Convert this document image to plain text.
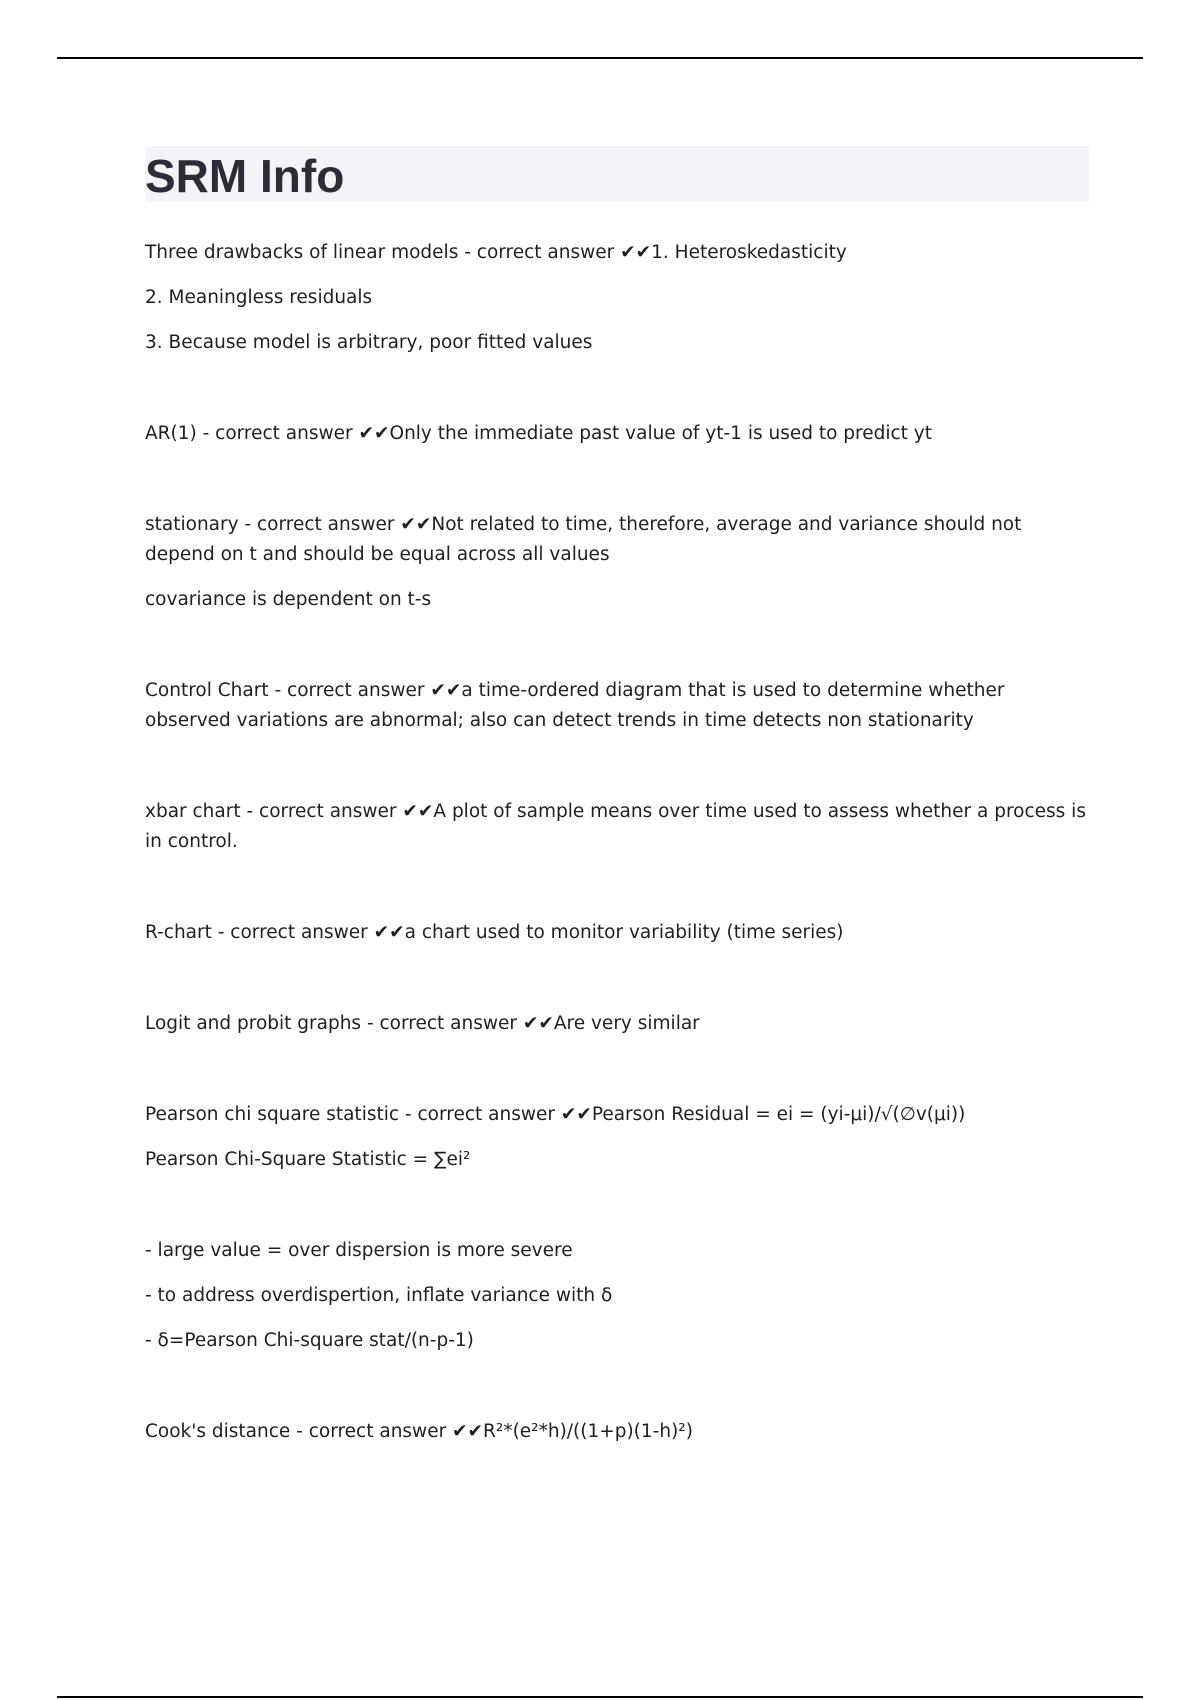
SRM Info

Three drawbacks of linear models - correct answer ✔✔1. Heteroskedasticity

2. Meaningless residuals

3. Because model is arbitrary, poor fitted values

AR(1) - correct answer ✔✔Only the immediate past value of yt-1 is used to predict yt

stationary - correct answer ✔✔Not related to time, therefore, average and variance should not depend on t and should be equal across all values

covariance is dependent on t-s

Control Chart - correct answer ✔✔a time-ordered diagram that is used to determine whether observed variations are abnormal; also can detect trends in time detects non stationarity

xbar chart - correct answer ✔✔A plot of sample means over time used to assess whether a process is in control.

R-chart - correct answer ✔✔a chart used to monitor variability (time series)

Logit and probit graphs - correct answer ✔✔Are very similar

Pearson chi square statistic - correct answer ✔✔Pearson Residual = ei = (yi-μi)/√(∅v(μi))

Pearson Chi-Square Statistic = ∑ei²

- large value = over dispersion is more severe

- to address overdispertion, inflate variance with δ

- δ=Pearson Chi-square stat/(n-p-1)

Cook's distance - correct answer ✔✔R²*(e²*h)/((1+p)(1-h)²)
